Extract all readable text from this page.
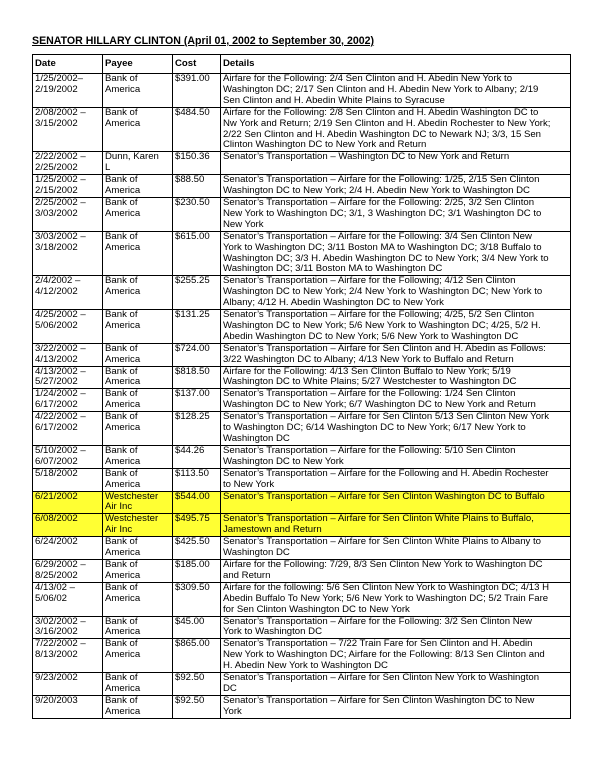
SENATOR HILLARY CLINTON (April 01, 2002 to September 30, 2002)
Date	Payee	Cost	Details

1/25/2002–
2/19/2002	Bank of
America	$391.00	Airfare for the Following: 2/4 Sen Clinton and H. Abedin New York to
Washington DC; 2/17 Sen Clinton and H. Abedin New York to Albany; 2/19
Sen Clinton and H. Abedin White Plains to Syracuse

2/08/2002 –
3/15/2002	Bank of
America	$484.50	Airfare for the Following: 2/8 Sen Clinton and H. Abedin Washington DC to
Nw York and Return; 2/19 Sen Clinton and H. Abedin Rochester to New York;
2/22 Sen Clinton and H. Abedin Washington DC to Newark NJ; 3/3, 15 Sen
Clinton Washington DC to New York and Return

2/22/2002 –
2/25/2002	Dunn, Karen
L	$150.36	Senator’s Transportation – Washington DC to New York and Return

1/25/2002 –
2/15/2002	Bank of
America	$88.50	Senator’s Transportation – Airfare for the Following: 1/25, 2/15 Sen Clinton
Washington DC to New York; 2/4 H. Abedin New York to Washington DC

2/25/2002 –
3/03/2002	Bank of
America	$230.50	Senator’s Transportation – Airfare for the Following: 2/25, 3/2 Sen Clinton
New York to Washington DC; 3/1, 3 Washington DC; 3/1 Washington DC to
New York

3/03/2002 –
3/18/2002	Bank of
America	$615.00	Senator’s Transportation – Airfare for the Following: 3/4 Sen Clinton New
York to Washington DC; 3/11 Boston MA to Washington DC; 3/18 Buffalo to
Washington DC; 3/3 H. Abedin Washington DC to New York; 3/4 New York to
Washington DC; 3/11 Boston MA to Washington DC

2/4/2002 –
4/12/2002	Bank of
America	$255.25	Senator’s Transportation – Airfare for the Following; 4/12 Sen Clinton
Washington DC to New York; 2/4 New York to Washington DC; New York to
Albany; 4/12 H. Abedin Washington DC to New York

4/25/2002 –
5/06/2002	Bank of
America	$131.25	Senator’s Transportation – Airfare for the Following; 4/25, 5/2 Sen Clinton
Washington DC to New York; 5/6 New York to Washington DC; 4/25, 5/2 H.
Abedin Washington DC to New York; 5/6 New York to Washington DC

3/22/2002 –
4/13/2002	Bank of
America	$724.00	Senator’s Transportation – Airfare for Sen Clinton and H. Abedin as Follows:
3/22 Washington DC to Albany; 4/13 New York to Buffalo and Return

4/13/2002 –
5/27/2002	Bank of
America	$818.50	Airfare for the Following: 4/13 Sen Clinton Buffalo to New York; 5/19
Washington DC to White Plains; 5/27 Westchester to Washington DC

1/24/2002 –
6/17/2002	Bank of
America	$137.00	Senator’s Transportation – Airfare for the Following: 1/24 Sen Clinton
Washington DC to New York; 6/7 Washington DC to New York and Return

4/22/2002 –
6/17/2002	Bank of
America	$128.25	Senator’s Transportation – Airfare for Sen Clinton 5/13 Sen Clinton New York
to Washington DC; 6/14 Washington DC to New York; 6/17 New York to
Washington DC

5/10/2002 –
6/07/2002	Bank of
America	$44.26	Senator’s Transportation – Airfare for the Following: 5/10 Sen Clinton
Washington DC to New York

5/18/2002	Bank of
America	$113.50	Senator’s Transportation – Airfare for the Following and H. Abedin Rochester
to New York

6/21/2002	Westchester
Air Inc	$544.00	Senator’s Transportation – Airfare for Sen Clinton Washington DC to Buffalo

6/08/2002	Westchester
Air Inc	$495.75	Senator’s Transportation – Airfare for Sen Clinton White Plains to Buffalo,
Jamestown and Return

6/24/2002	Bank of
America	$425.50	Senator’s Transportation – Airfare for Sen Clinton White Plains to Albany to
Washington DC

6/29/2002 –
8/25/2002	Bank of
America	$185.00	Airfare for the Following: 7/29, 8/3 Sen Clinton New York to Washington DC
and Return

4/13/02 –
5/06/02	Bank of
America	$309.50	Airfare for the following: 5/6 Sen Clinton New York to Washington DC; 4/13 H
Abedin Buffalo To New York; 5/6 New York to Washington DC; 5/2 Train Fare
for Sen Clinton Washington DC to New York

3/02/2002 –
3/16/2002	Bank of
America	$45.00	Senator’s Transportation – Airfare for the Following: 3/2 Sen Clinton New
York to Washington DC

7/22/2002 –
8/13/2002	Bank of
America	$865.00	Senator’s Transportation – 7/22 Train Fare for Sen Clinton and H. Abedin
New York to Washington DC; Airfare for the Following: 8/13 Sen Clinton and
H. Abedin New York to Washington DC

9/23/2002	Bank of
America	$92.50	Senator’s Transportation – Airfare for Sen Clinton New York to Washington
DC

9/20/2003	Bank of
America	$92.50	Senator’s Transportation – Airfare for Sen Clinton Washington DC to New
York
